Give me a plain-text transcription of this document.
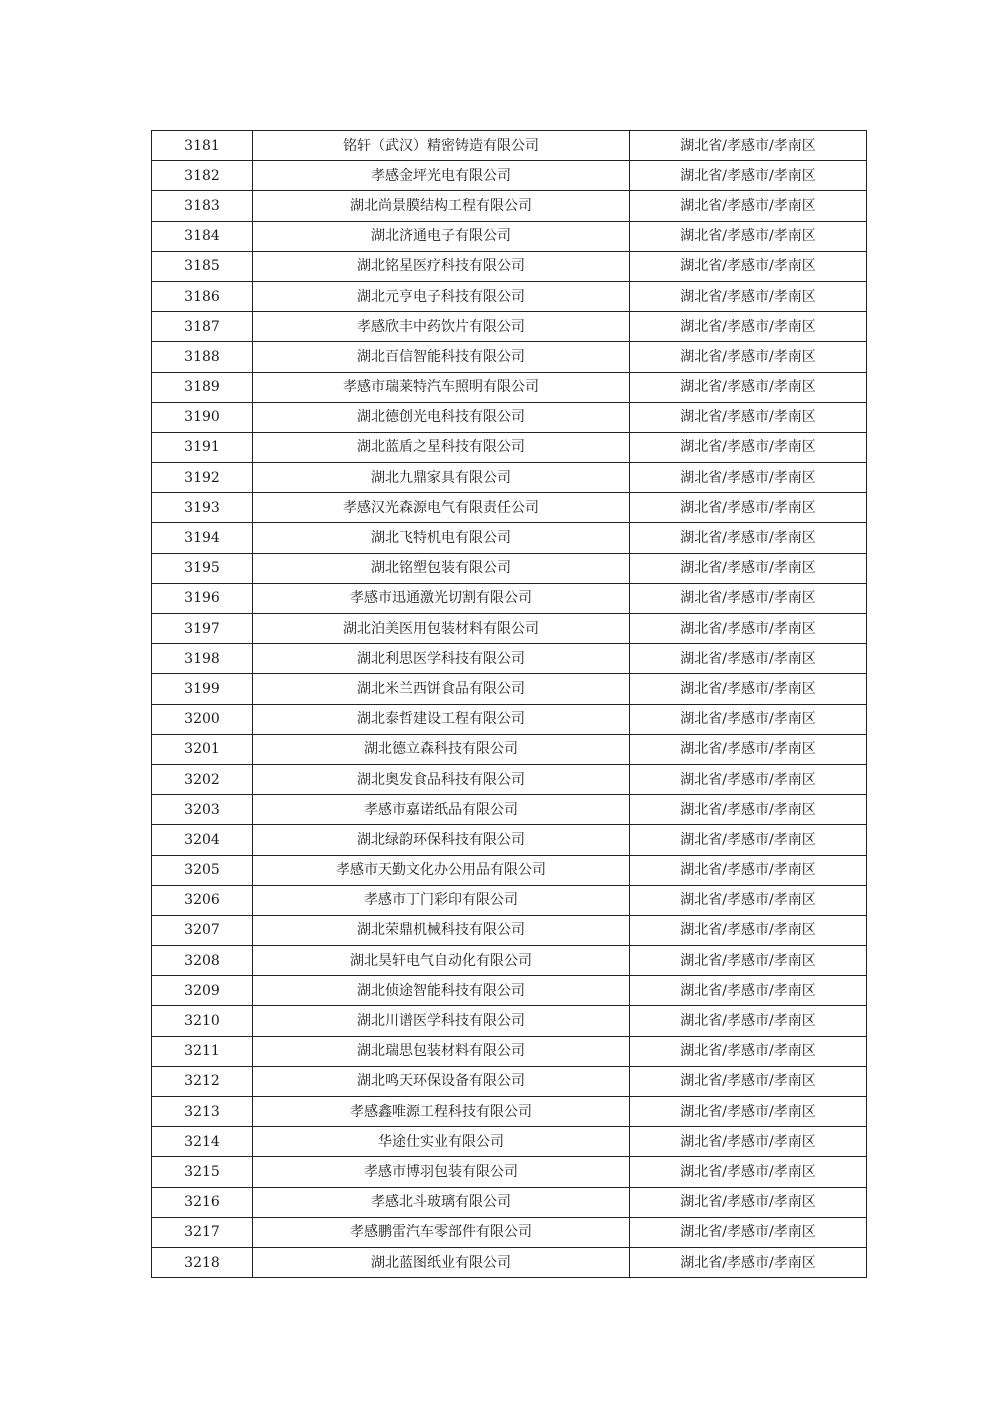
3181	铭轩（武汉）精密铸造有限公司	湖北省/孝感市/孝南区
3182	孝感金坪光电有限公司	湖北省/孝感市/孝南区
3183	湖北尚景膜结构工程有限公司	湖北省/孝感市/孝南区
3184	湖北济通电子有限公司	湖北省/孝感市/孝南区
3185	湖北铭星医疗科技有限公司	湖北省/孝感市/孝南区
3186	湖北元亨电子科技有限公司	湖北省/孝感市/孝南区
3187	孝感欣丰中药饮片有限公司	湖北省/孝感市/孝南区
3188	湖北百信智能科技有限公司	湖北省/孝感市/孝南区
3189	孝感市瑞莱特汽车照明有限公司	湖北省/孝感市/孝南区
3190	湖北德创光电科技有限公司	湖北省/孝感市/孝南区
3191	湖北蓝盾之星科技有限公司	湖北省/孝感市/孝南区
3192	湖北九鼎家具有限公司	湖北省/孝感市/孝南区
3193	孝感汉光森源电气有限责任公司	湖北省/孝感市/孝南区
3194	湖北飞特机电有限公司	湖北省/孝感市/孝南区
3195	湖北铭塑包装有限公司	湖北省/孝感市/孝南区
3196	孝感市迅通激光切割有限公司	湖北省/孝感市/孝南区
3197	湖北泊美医用包装材料有限公司	湖北省/孝感市/孝南区
3198	湖北利思医学科技有限公司	湖北省/孝感市/孝南区
3199	湖北米兰西饼食品有限公司	湖北省/孝感市/孝南区
3200	湖北泰哲建设工程有限公司	湖北省/孝感市/孝南区
3201	湖北德立森科技有限公司	湖北省/孝感市/孝南区
3202	湖北奥发食品科技有限公司	湖北省/孝感市/孝南区
3203	孝感市嘉诺纸品有限公司	湖北省/孝感市/孝南区
3204	湖北绿韵环保科技有限公司	湖北省/孝感市/孝南区
3205	孝感市天勤文化办公用品有限公司	湖北省/孝感市/孝南区
3206	孝感市丁门彩印有限公司	湖北省/孝感市/孝南区
3207	湖北荣鼎机械科技有限公司	湖北省/孝感市/孝南区
3208	湖北昊轩电气自动化有限公司	湖北省/孝感市/孝南区
3209	湖北侦途智能科技有限公司	湖北省/孝感市/孝南区
3210	湖北川谱医学科技有限公司	湖北省/孝感市/孝南区
3211	湖北瑞思包装材料有限公司	湖北省/孝感市/孝南区
3212	湖北鸣天环保设备有限公司	湖北省/孝感市/孝南区
3213	孝感鑫唯源工程科技有限公司	湖北省/孝感市/孝南区
3214	华途仕实业有限公司	湖北省/孝感市/孝南区
3215	孝感市博羽包装有限公司	湖北省/孝感市/孝南区
3216	孝感北斗玻璃有限公司	湖北省/孝感市/孝南区
3217	孝感鹏雷汽车零部件有限公司	湖北省/孝感市/孝南区
3218	湖北蓝图纸业有限公司	湖北省/孝感市/孝南区
